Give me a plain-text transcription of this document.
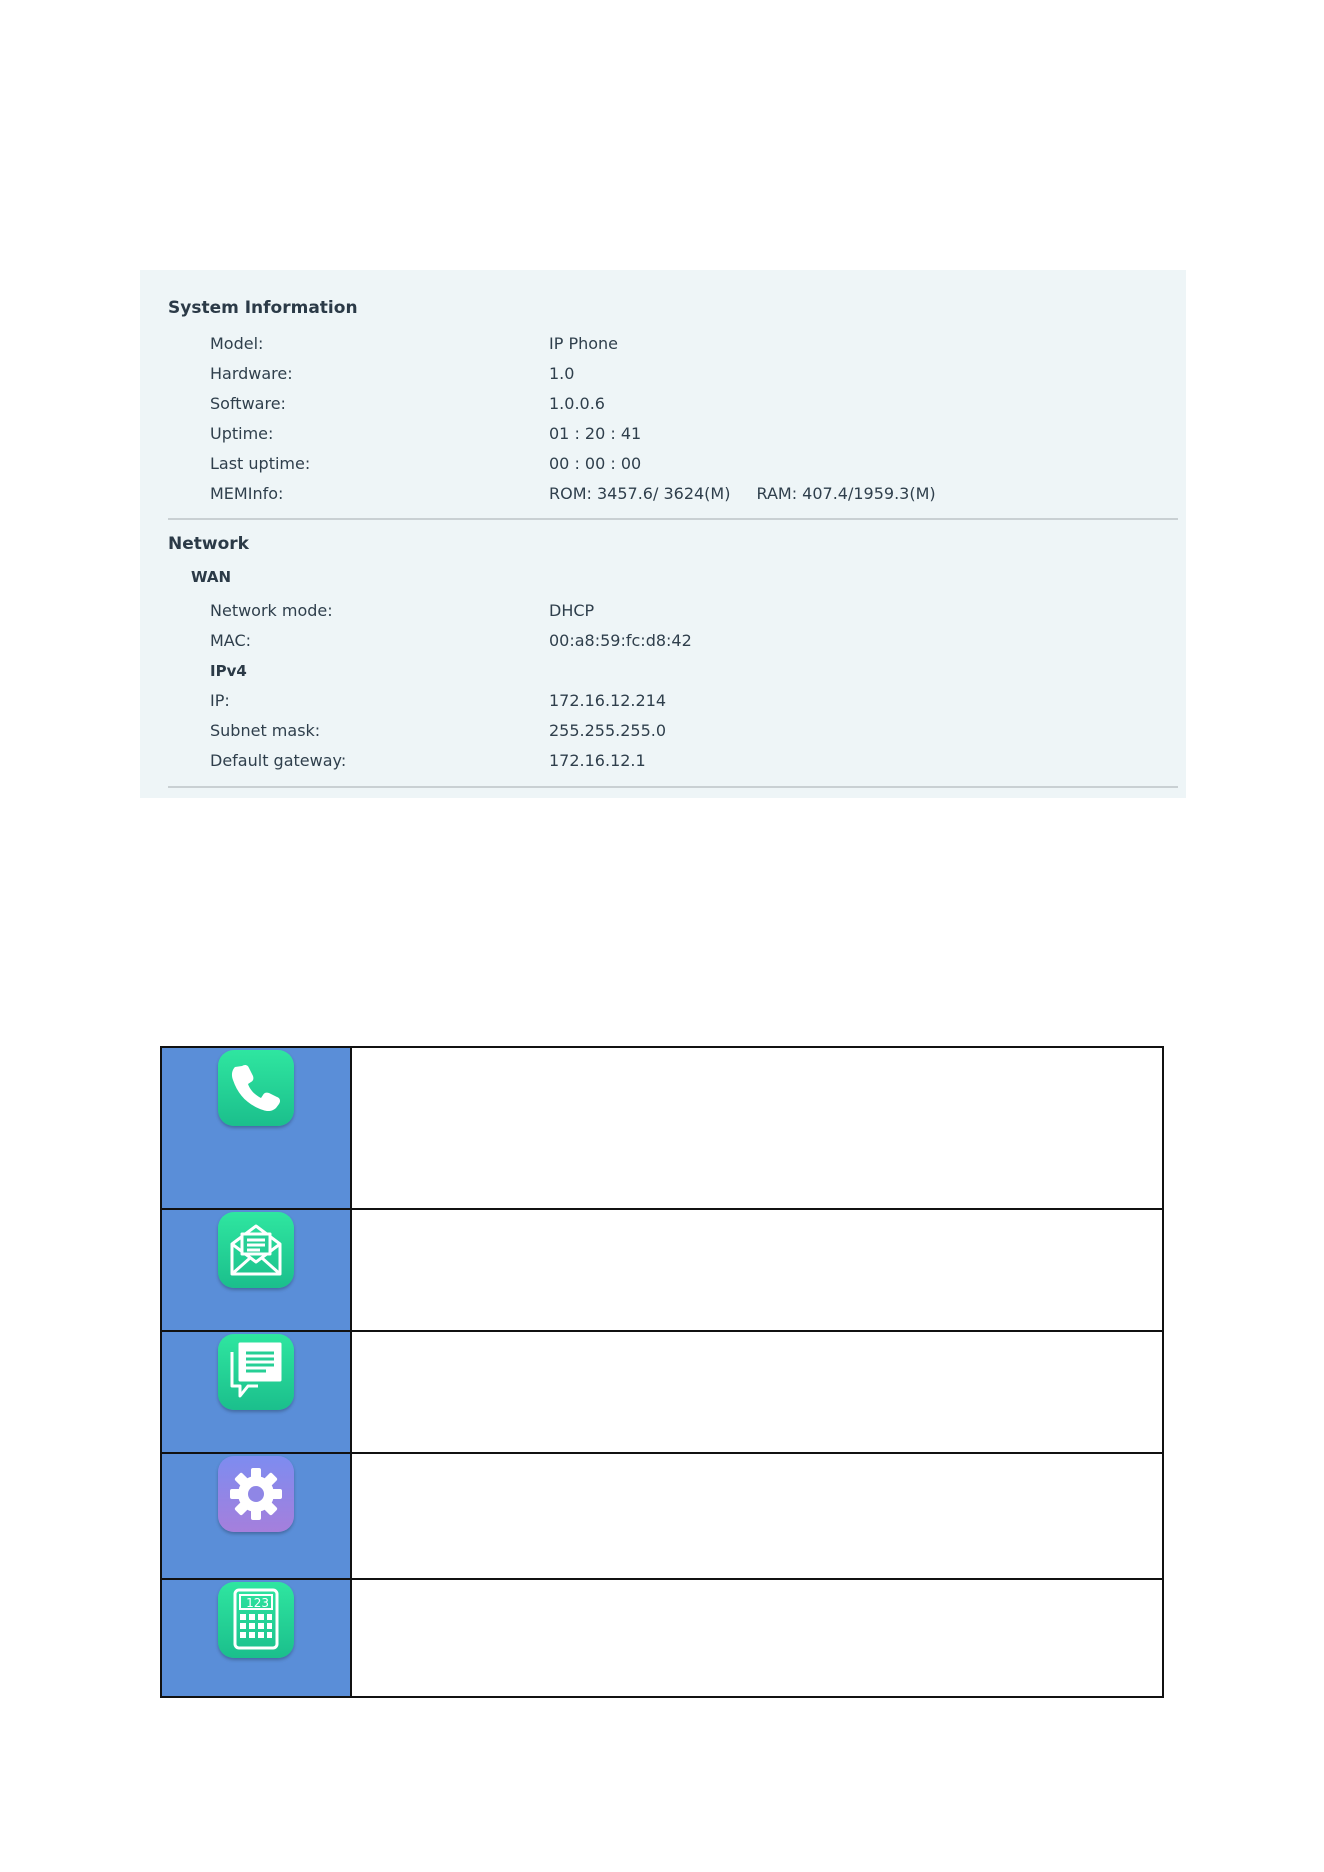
System Information
Model:	IP Phone
Hardware:	1.0
Software:	1.0.0.6
Uptime:	01 : 20 : 41
Last uptime:	00 : 00 : 00
MEMInfo:	ROM: 3457.6/ 3624(M) RAM: 407.4/1959.3(M)
Network
WAN
Network mode:	DHCP
MAC:	00:a8:59:fc:d8:42
IPv4
IP:	172.16.12.214
Subnet mask:	255.255.255.0
Default gateway:	172.16.12.1
123
